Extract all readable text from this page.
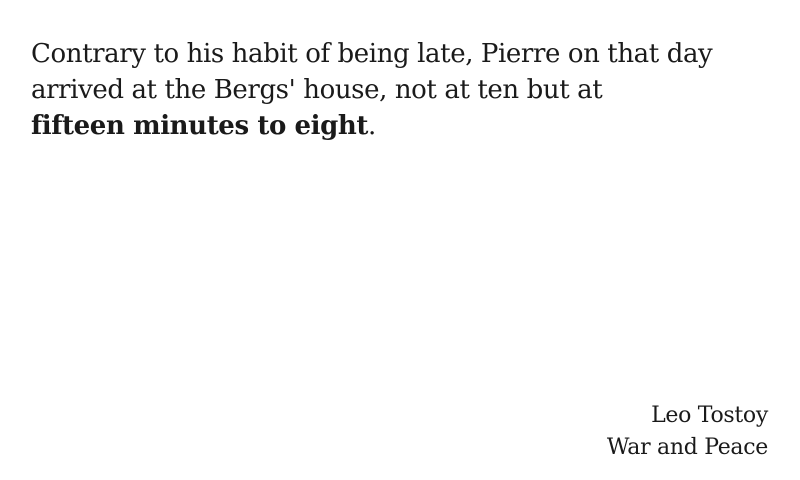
Contrary to his habit of being late, Pierre on that day
arrived at the Bergs' house, not at ten but at
fifteen minutes to eight.

Leo Tostoy
War and Peace
